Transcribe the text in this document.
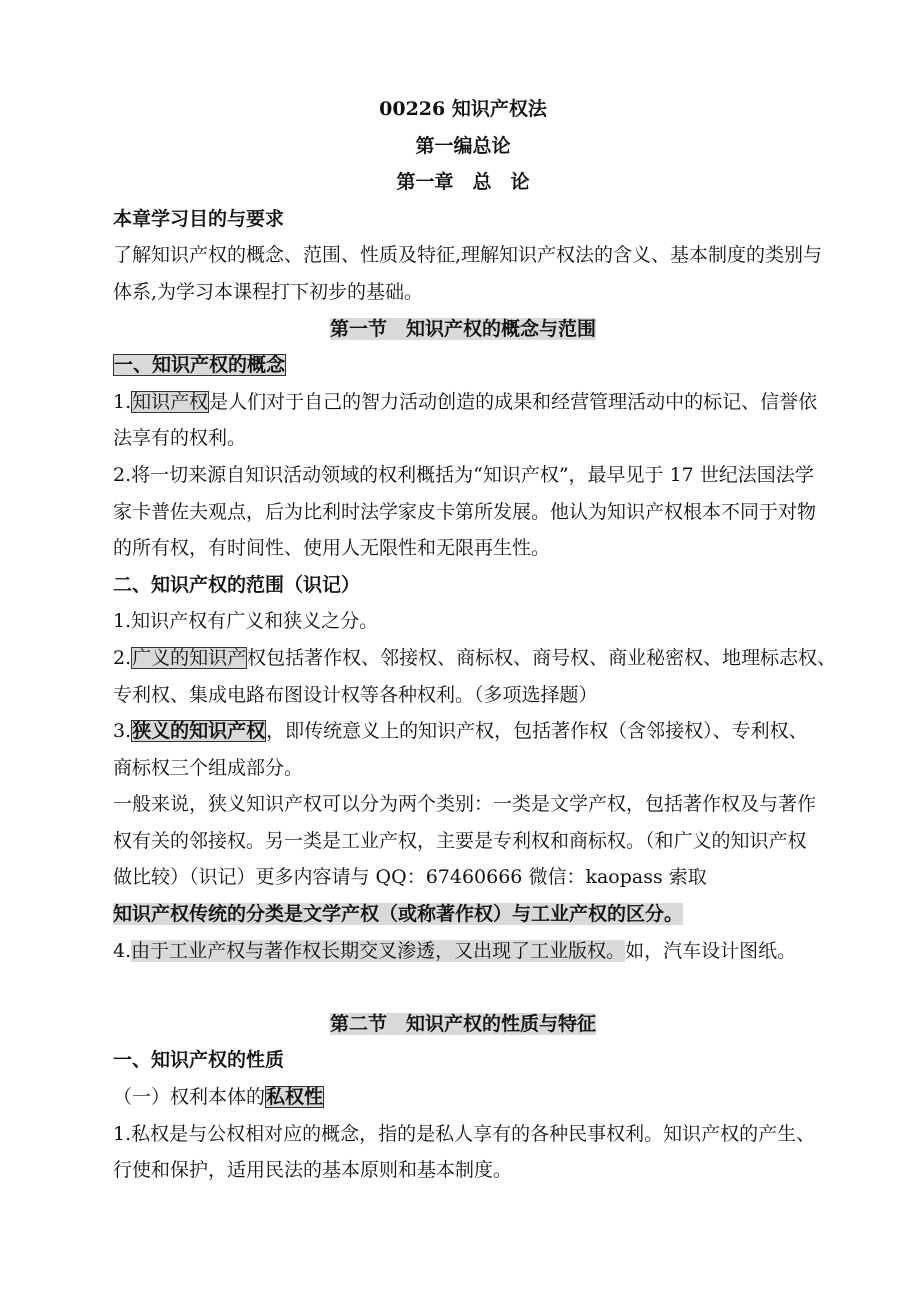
00226 知识产权法
第一编总论
第一章　总　论
本章学习目的与要求
了解知识产权的概念、范围、性质及特征,理解知识产权法的含义、基本制度的类别与
体系,为学习本课程打下初步的基础。
第一节　知识产权的概念与范围
一、知识产权的概念
1.知识产权是人们对于自己的智力活动创造的成果和经营管理活动中的标记、信誉依
法享有的权利。
2.将一切来源自知识活动领域的权利概括为“知识产权”，最早见于 17 世纪法国法学
家卡普佐夫观点，后为比利时法学家皮卡第所发展。他认为知识产权根本不同于对物
的所有权，有时间性、使用人无限性和无限再生性。
二、知识产权的范围（识记）
1.知识产权有广义和狭义之分。
2.广义的知识产权包括著作权、邻接权、商标权、商号权、商业秘密权、地理标志权、
专利权、集成电路布图设计权等各种权利。（多项选择题）
3.狭义的知识产权，即传统意义上的知识产权，包括著作权（含邻接权）、专利权、
商标权三个组成部分。
一般来说，狭义知识产权可以分为两个类别：一类是文学产权，包括著作权及与著作
权有关的邻接权。另一类是工业产权，主要是专利权和商标权。（和广义的知识产权
做比较）（识记）更多内容请与 QQ：67460666 微信：kaopass 索取
知识产权传统的分类是文学产权（或称著作权）与工业产权的区分。
4.由于工业产权与著作权长期交叉渗透，又出现了工业版权。如，汽车设计图纸。
第二节　知识产权的性质与特征
一、知识产权的性质
（一）权利本体的私权性
1.私权是与公权相对应的概念，指的是私人享有的各种民事权利。知识产权的产生、
行使和保护，适用民法的基本原则和基本制度。
